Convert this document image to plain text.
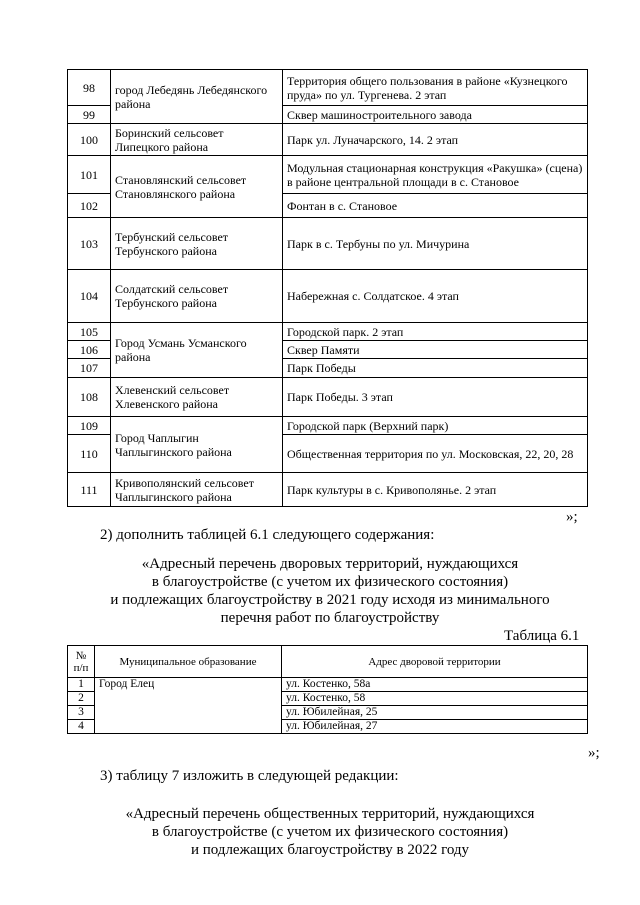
98	город Лебедянь Лебедянского района	Территория общего пользования в районе «Кузнецкого пруда» по ул. Тургенева. 2 этап
99		Сквер машиностроительного завода
100	Боринский сельсовет Липецкого района	Парк ул. Луначарского, 14. 2 этап
101	Становлянский сельсовет Становлянского района	Модульная стационарная конструкция «Ракушка» (сцена) в районе центральной площади в с. Становое
102		Фонтан в с. Становое
103	Тербунский сельсовет Тербунского района	Парк в с. Тербуны по ул. Мичурина
104	Солдатский сельсовет Тербунского района	Набережная с. Солдатское. 4 этап
105	Город Усмань Усманского района	Городской парк. 2 этап
106		Сквер Памяти
107		Парк Победы
108	Хлевенский сельсовет Хлевенского района	Парк Победы. 3 этап
109	Город Чаплыгин Чаплыгинского района	Городской парк (Верхний парк)
110		Общественная территория по ул. Московская, 22, 20, 28
111	Кривополянский сельсовет Чаплыгинского района	Парк культуры в с. Кривополянье. 2 этап
»;
2) дополнить таблицей 6.1 следующего содержания:
«Адресный перечень дворовых территорий, нуждающихся
в благоустройстве (с учетом их физического состояния)
и подлежащих благоустройству в 2021 году исходя из минимального
перечня работ по благоустройству
Таблица 6.1
№ п/п	Муниципальное образование	Адрес дворовой территории
1	Город Елец	ул. Костенко, 58а
2		ул. Костенко, 58
3		ул. Юбилейная, 25
4		ул. Юбилейная, 27
»;
3) таблицу 7 изложить в следующей редакции:
«Адресный перечень общественных территорий, нуждающихся
в благоустройстве (с учетом их физического состояния)
и подлежащих благоустройству в 2022 году
